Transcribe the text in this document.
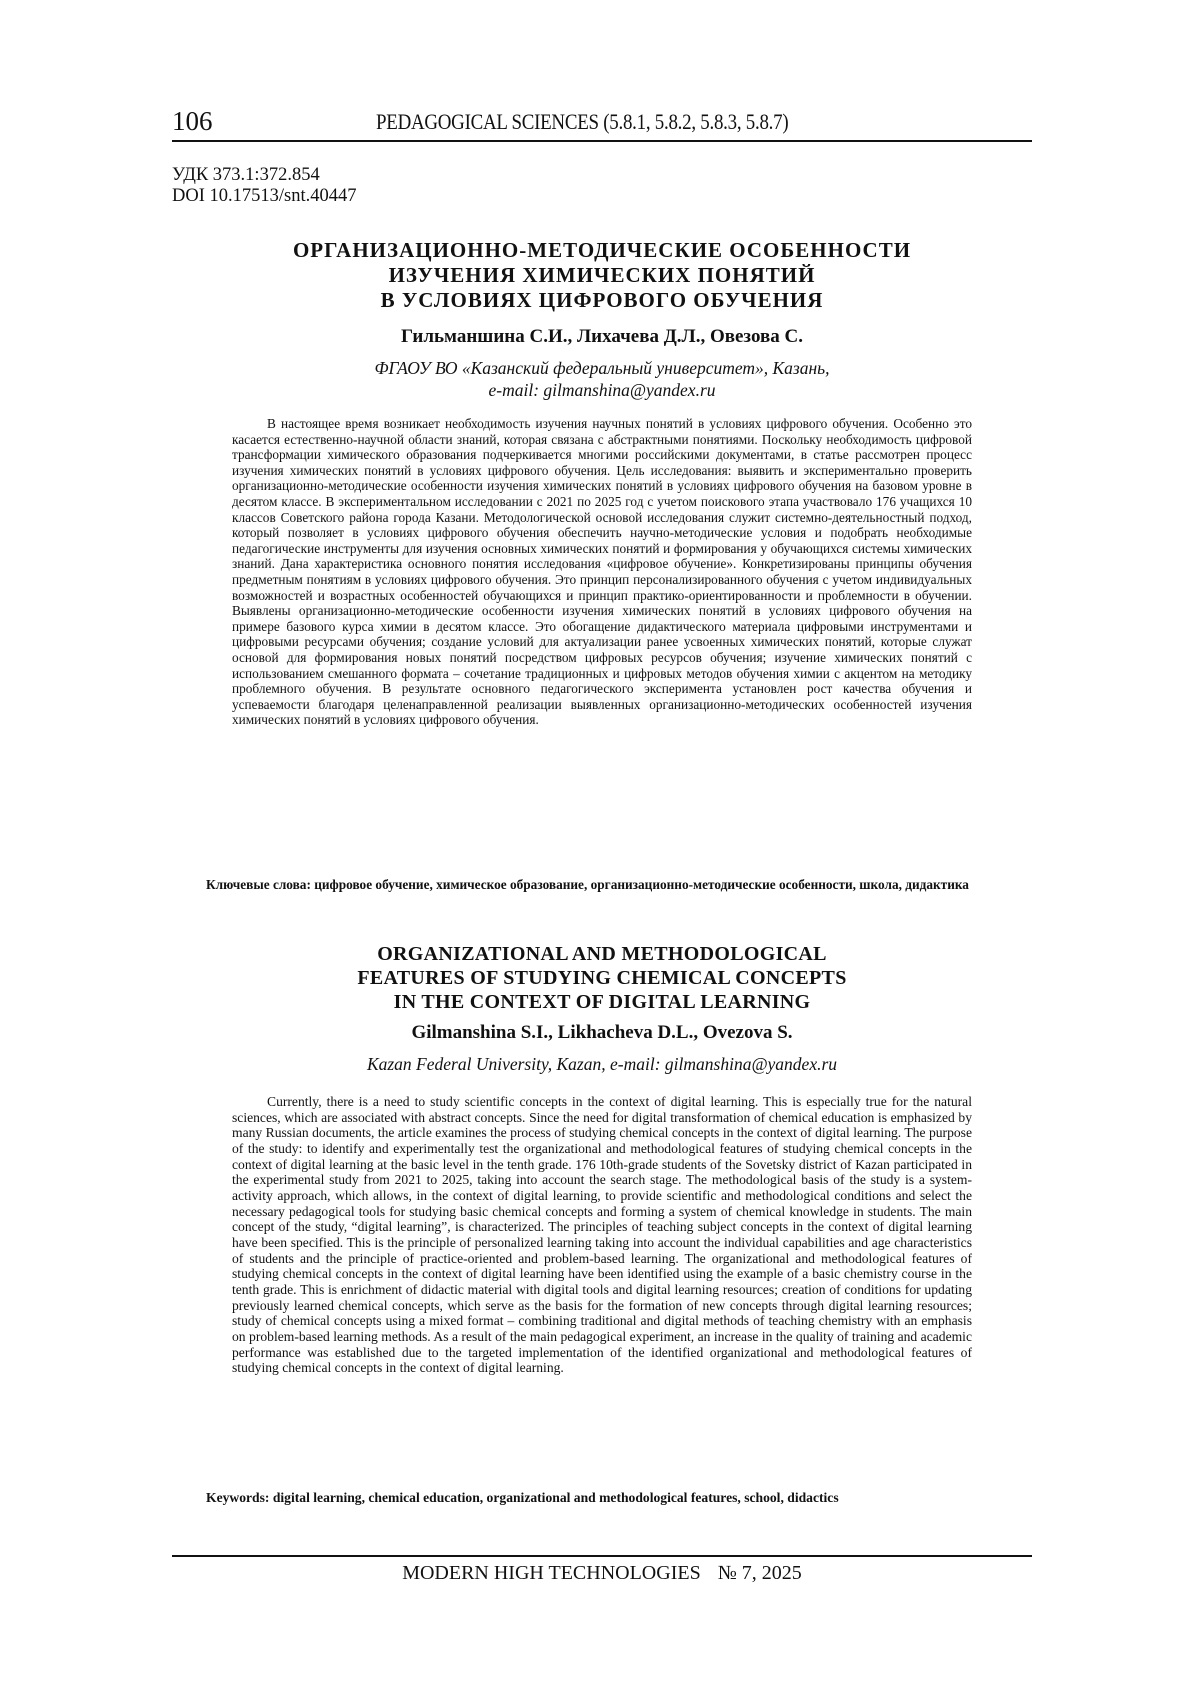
106	PEDAGOGICAL SCIENCES (5.8.1, 5.8.2, 5.8.3, 5.8.7)
УДК 373.1:372.854
DOI 10.17513/snt.40447
ОРГАНИЗАЦИОННО-МЕТОДИЧЕСКИЕ ОСОБЕННОСТИ
ИЗУЧЕНИЯ ХИМИЧЕСКИХ ПОНЯТИЙ
В УСЛОВИЯХ ЦИФРОВОГО ОБУЧЕНИЯ
Гильманшина С.И., Лихачева Д.Л., Овезова С.
ФГАОУ ВО «Казанский федеральный университет», Казань,
e-mail: gilmanshina@yandex.ru

В настоящее время возникает необходимость изучения научных понятий в условиях цифрового обучения. Особенно это касается естественно-научной области знаний, которая связана с абстрактными понятиями. Поскольку необходимость цифровой трансформации химического образования подчеркивается многими российскими документами, в статье рассмотрен процесс изучения химических понятий в условиях цифрового обучения. Цель исследования: выявить и экспериментально проверить организационно-методические особенности изучения химических понятий в условиях цифрового обучения на базовом уровне в десятом классе. В экспериментальном исследовании с 2021 по 2025 год с учетом поискового этапа участвовало 176 учащихся 10 классов Советского района города Казани. Методологической основой исследования служит системно-деятельностный подход, который позволяет в условиях цифрового обучения обеспечить научно-методические условия и подобрать необходимые педагогические инструменты для изучения основных химических понятий и формирования у обучающихся системы химических знаний. Дана характеристика основного понятия исследования «цифровое обучение». Конкретизированы принципы обучения предметным понятиям в условиях цифрового обучения. Это принцип персонализированного обучения с учетом индивидуальных возможностей и возрастных особенностей обучающихся и принцип практико-ориентированности и проблемности в обучении. Выявлены организационно-методические особенности изучения химических понятий в условиях цифрового обучения на примере базового курса химии в десятом классе. Это обогащение дидактического материала цифровыми инструментами и цифровыми ресурсами обучения; создание условий для актуализации ранее усвоенных химических понятий, которые служат основой для формирования новых понятий посредством цифровых ресурсов обучения; изучение химических понятий с использованием смешанного формата – сочетание традиционных и цифровых методов обучения химии с акцентом на методику проблемного обучения. В результате основного педагогического эксперимента установлен рост качества обучения и успеваемости благодаря целенаправленной реализации выявленных организационно-методических особенностей изучения химических понятий в условиях цифрового обучения.

Ключевые слова: цифровое обучение, химическое образование, организационно-методические особенности, школа, дидактика
ORGANIZATIONAL AND METHODOLOGICAL
FEATURES OF STUDYING CHEMICAL CONCEPTS
IN THE CONTEXT OF DIGITAL LEARNING
Gilmanshina S.I., Likhacheva D.L., Ovezova S.
Kazan Federal University, Kazan, e-mail: gilmanshina@yandex.ru

Currently, there is a need to study scientific concepts in the context of digital learning. This is especially true for the natural sciences, which are associated with abstract concepts. Since the need for digital transformation of chemical education is emphasized by many Russian documents, the article examines the process of studying chemical concepts in the context of digital learning. The purpose of the study: to identify and experimentally test the organizational and methodological features of studying chemical concepts in the context of digital learning at the basic level in the tenth grade. 176 10th-grade students of the Sovetsky district of Kazan participated in the experimental study from 2021 to 2025, taking into account the search stage. The methodological basis of the study is a system-activity approach, which allows, in the context of digital learning, to provide scientific and methodological conditions and select the necessary pedagogical tools for studying basic chemical concepts and forming a system of chemical knowledge in students. The main concept of the study, “digital learning”, is characterized. The principles of teaching subject concepts in the context of digital learning have been specified. This is the principle of personalized learning taking into account the individual capabilities and age characteristics of students and the principle of practice-oriented and problem-based learning. The organizational and methodological features of studying chemical concepts in the context of digital learning have been identified using the example of a basic chemistry course in the tenth grade. This is enrichment of didactic material with digital tools and digital learning resources; creation of conditions for updating previously learned chemical concepts, which serve as the basis for the formation of new concepts through digital learning resources; study of chemical concepts using a mixed format – combining traditional and digital methods of teaching chemistry with an emphasis on problem-based learning methods. As a result of the main pedagogical experiment, an increase in the quality of training and academic performance was established due to the targeted implementation of the identified organizational and methodological features of studying chemical concepts in the context of digital learning.

Keywords: digital learning, chemical education, organizational and methodological features, school, didactics
MODERN HIGH TECHNOLOGIES № 7, 2025
